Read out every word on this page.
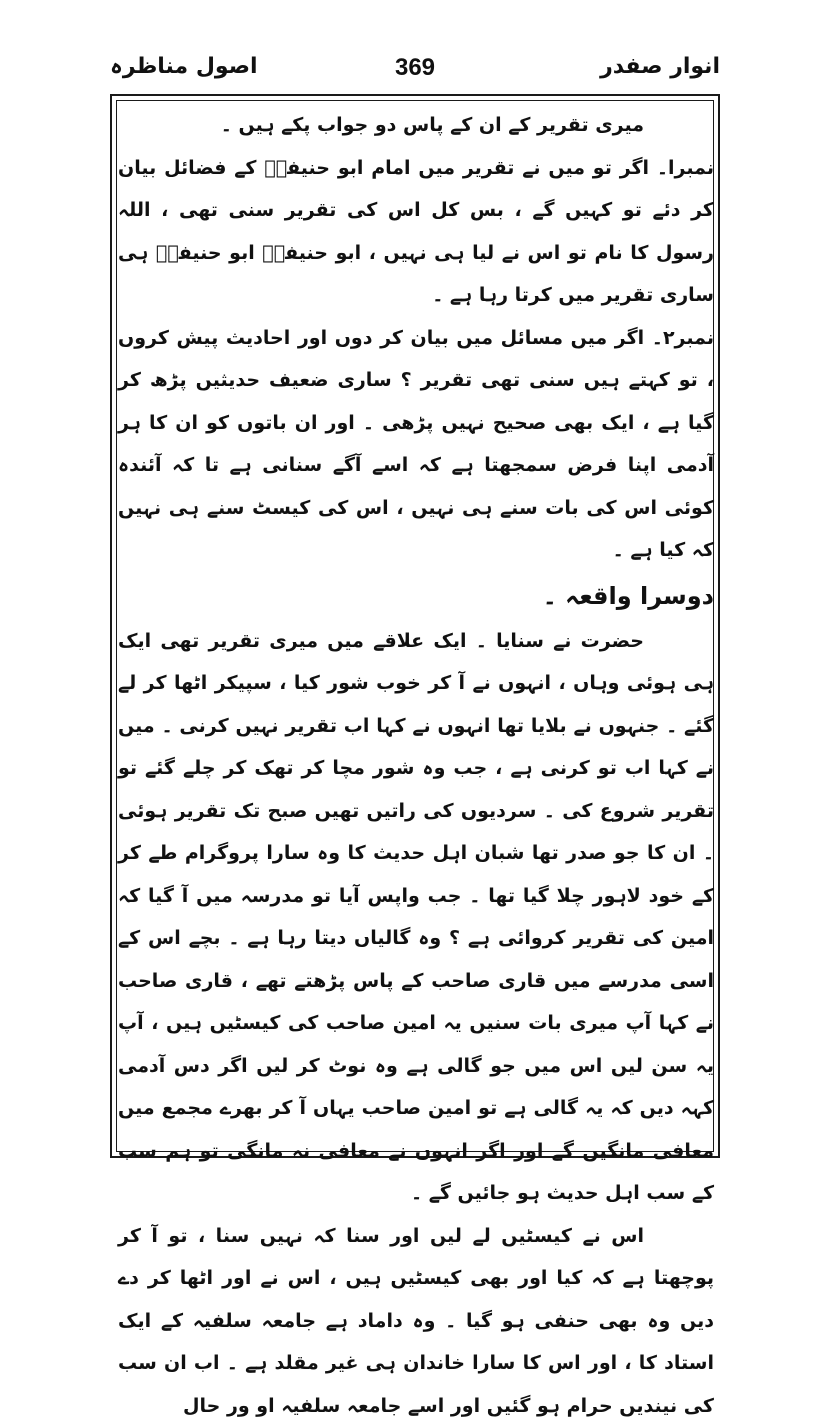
انوار صفدر
369
اصول مناظرہ

میری تقریر کے ان کے پاس دو جواب پکے ہیں ۔

نمبرا۔ اگر تو میں نے تقریر میں امام ابو حنیفہؒ کے فضائل بیان کر دئے تو کہیں گے ، بس کل اس کی تقریر سنی تھی ، اللہ رسول کا نام تو اس نے لیا ہی نہیں ، ابو حنیفہؒ ابو حنیفہؒ ہی ساری تقریر میں کرتا رہا ہے ۔

نمبر۲۔ اگر میں مسائل میں بیان کر دوں اور احادیث پیش کروں ، تو کہتے ہیں سنی تھی تقریر ؟ ساری ضعیف حدیثیں پڑھ کر گیا ہے ، ایک بھی صحیح نہیں پڑھی ۔ اور ان باتوں کو ان کا ہر آدمی اپنا فرض سمجھتا ہے کہ اسے آگے سنانی ہے تا کہ آئندہ کوئی اس کی بات سنے ہی نہیں ، اس کی کیسٹ سنے ہی نہیں کہ کیا ہے ۔

دوسرا واقعہ ۔

حضرت نے سنایا ۔ ایک علاقے میں میری تقریر تھی ایک ہی ہوئی وہاں ، انہوں نے آ کر خوب شور کیا ، سپیکر اٹھا کر لے گئے ۔ جنہوں نے بلایا تھا انہوں نے کہا اب تقریر نہیں کرنی ۔ میں نے کہا اب تو کرنی ہے ، جب وہ شور مچا کر تھک کر چلے گئے تو تقریر شروع کی ۔ سردیوں کی راتیں تھیں صبح تک تقریر ہوئی ۔ ان کا جو صدر تھا شبان اہل حدیث کا وہ سارا پروگرام طے کر کے خود لاہور چلا گیا تھا ۔ جب واپس آیا تو مدرسہ میں آ گیا کہ امین کی تقریر کروائی ہے ؟ وہ گالیاں دیتا رہا ہے ۔ بچے اس کے اسی مدرسے میں قاری صاحب کے پاس پڑھتے تھے ، قاری صاحب نے کہا آپ میری بات سنیں یہ امین صاحب کی کیسٹیں ہیں ، آپ یہ سن لیں اس میں جو گالی ہے وہ نوٹ کر لیں اگر دس آدمی کہہ دیں کہ یہ گالی ہے تو امین صاحب یہاں آ کر بھرے مجمع میں معافی مانگیں گے اور اگر انہوں نے معافی نہ مانگی تو ہم سب کے سب اہل حدیث ہو جائیں گے ۔

اس نے کیسٹیں لے لیں اور سنا کہ نہیں سنا ، تو آ کر پوچھتا ہے کہ کیا اور بھی کیسٹیں ہیں ، اس نے اور اٹھا کر دے دیں وہ بھی حنفی ہو گیا ۔ وہ داماد ہے جامعہ سلفیہ کے ایک استاد کا ، اور اس کا سارا خاندان ہی غیر مقلد ہے ۔ اب ان سب کی نیندیں حرام ہو گئیں اور اسے جامعہ سلفیہ او ور حال
